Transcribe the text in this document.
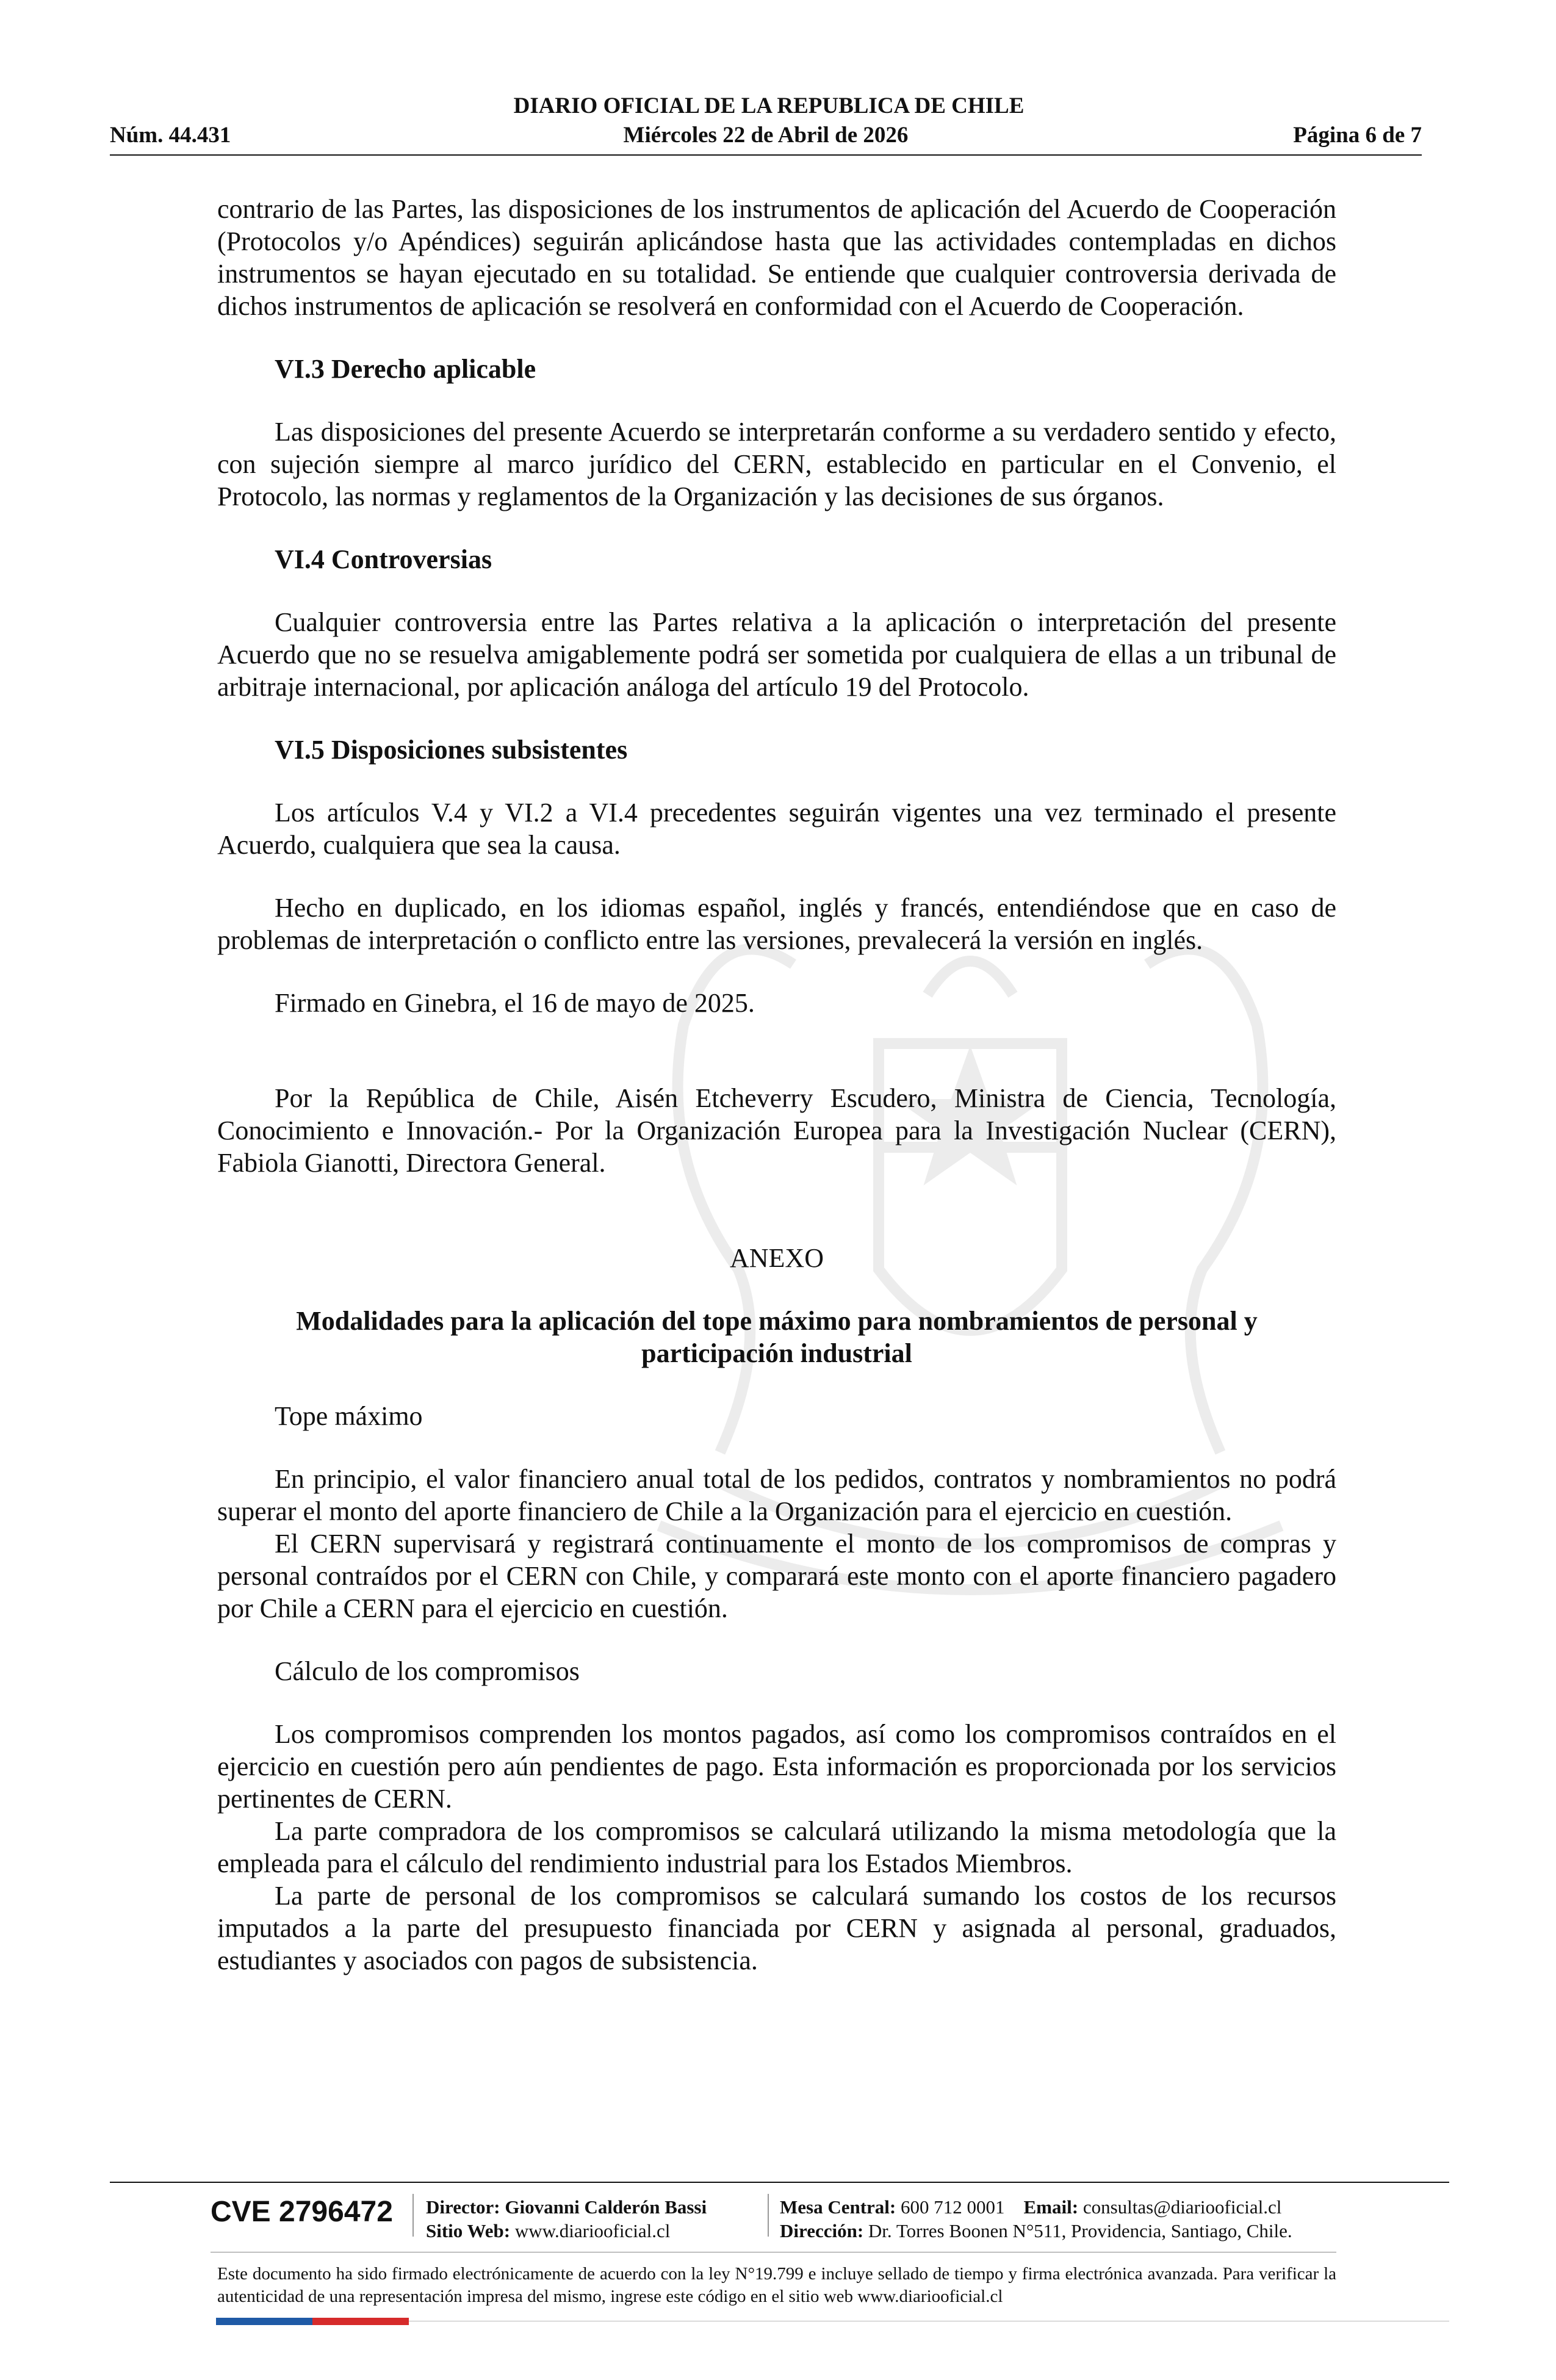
DIARIO OFICIAL DE LA REPUBLICA DE CHILE
Núm. 44.431	Miércoles 22 de Abril de 2026	Página 6 de 7

contrario de las Partes, las disposiciones de los instrumentos de aplicación del Acuerdo de Cooperación (Protocolos y/o Apéndices) seguirán aplicándose hasta que las actividades contempladas en dichos instrumentos se hayan ejecutado en su totalidad. Se entiende que cualquier controversia derivada de dichos instrumentos de aplicación se resolverá en conformidad con el Acuerdo de Cooperación.

VI.3 Derecho aplicable

Las disposiciones del presente Acuerdo se interpretarán conforme a su verdadero sentido y efecto, con sujeción siempre al marco jurídico del CERN, establecido en particular en el Convenio, el Protocolo, las normas y reglamentos de la Organización y las decisiones de sus órganos.

VI.4 Controversias

Cualquier controversia entre las Partes relativa a la aplicación o interpretación del presente Acuerdo que no se resuelva amigablemente podrá ser sometida por cualquiera de ellas a un tribunal de arbitraje internacional, por aplicación análoga del artículo 19 del Protocolo.

VI.5 Disposiciones subsistentes

Los artículos V.4 y VI.2 a VI.4 precedentes seguirán vigentes una vez terminado el presente Acuerdo, cualquiera que sea la causa.

Hecho en duplicado, en los idiomas español, inglés y francés, entendiéndose que en caso de problemas de interpretación o conflicto entre las versiones, prevalecerá la versión en inglés.

Firmado en Ginebra, el 16 de mayo de 2025.

Por la República de Chile, Aisén Etcheverry Escudero, Ministra de Ciencia, Tecnología, Conocimiento e Innovación.- Por la Organización Europea para la Investigación Nuclear (CERN), Fabiola Gianotti, Directora General.

ANEXO

Modalidades para la aplicación del tope máximo para nombramientos de personal y participación industrial

Tope máximo

En principio, el valor financiero anual total de los pedidos, contratos y nombramientos no podrá superar el monto del aporte financiero de Chile a la Organización para el ejercicio en cuestión.

El CERN supervisará y registrará continuamente el monto de los compromisos de compras y personal contraídos por el CERN con Chile, y comparará este monto con el aporte financiero pagadero por Chile a CERN para el ejercicio en cuestión.

Cálculo de los compromisos

Los compromisos comprenden los montos pagados, así como los compromisos contraídos en el ejercicio en cuestión pero aún pendientes de pago. Esta información es proporcionada por los servicios pertinentes de CERN.

La parte compradora de los compromisos se calculará utilizando la misma metodología que la empleada para el cálculo del rendimiento industrial para los Estados Miembros.

La parte de personal de los compromisos se calculará sumando los costos de los recursos imputados a la parte del presupuesto financiada por CERN y asignada al personal, graduados, estudiantes y asociados con pagos de subsistencia.

CVE 2796472 Director: Giovanni Calderón Bassi
Sitio Web: www.diariooficial.cl
Mesa Central: 600 712 0001 Email: consultas@diariooficial.cl
Dirección: Dr. Torres Boonen N°511, Providencia, Santiago, Chile.
Este documento ha sido firmado electrónicamente de acuerdo con la ley N°19.799 e incluye sellado de tiempo y firma electrónica avanzada. Para verificar la autenticidad de una representación impresa del mismo, ingrese este código en el sitio web www.diariooficial.cl
